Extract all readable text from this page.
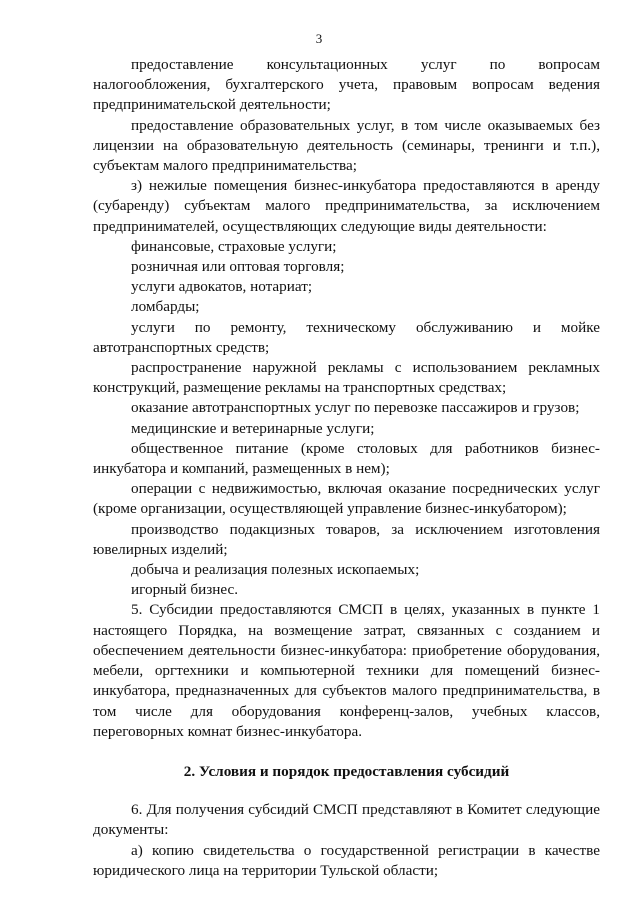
3

предоставление консультационных услуг по вопросам налогообложения, бухгалтерского учета, правовым вопросам ведения предпринимательской деятельности;

предоставление образовательных услуг, в том числе оказываемых без лицензии на образовательную деятельность (семинары, тренинги и т.п.), субъектам малого предпринимательства;

з) нежилые помещения бизнес-инкубатора предоставляются в аренду (субаренду) субъектам малого предпринимательства, за исключением предпринимателей, осуществляющих следующие виды деятельности:

финансовые, страховые услуги;

розничная или оптовая торговля;

услуги адвокатов, нотариат;

ломбарды;

услуги по ремонту, техническому обслуживанию и мойке автотранспортных средств;

распространение наружной рекламы с использованием рекламных конструкций, размещение рекламы на транспортных средствах;

оказание автотранспортных услуг по перевозке пассажиров и грузов;

медицинские и ветеринарные услуги;

общественное питание (кроме столовых для работников бизнес-инкубатора и компаний, размещенных в нем);

операции с недвижимостью, включая оказание посреднических услуг (кроме организации, осуществляющей управление бизнес-инкубатором);

производство подакцизных товаров, за исключением изготовления ювелирных изделий;

добыча и реализация полезных ископаемых;

игорный бизнес.

5. Субсидии предоставляются СМСП в целях, указанных в пункте 1 настоящего Порядка, на возмещение затрат, связанных с созданием и обеспечением деятельности бизнес-инкубатора: приобретение оборудования, мебели, оргтехники и компьютерной техники для помещений бизнес-инкубатора, предназначенных для субъектов малого предпринимательства, в том числе для оборудования конференц-залов, учебных классов, переговорных комнат бизнес-инкубатора.

2. Условия и порядок предоставления субсидий

6. Для получения субсидий СМСП представляют в Комитет следующие документы:

а) копию свидетельства о государственной регистрации в качестве юридического лица на территории Тульской области;
